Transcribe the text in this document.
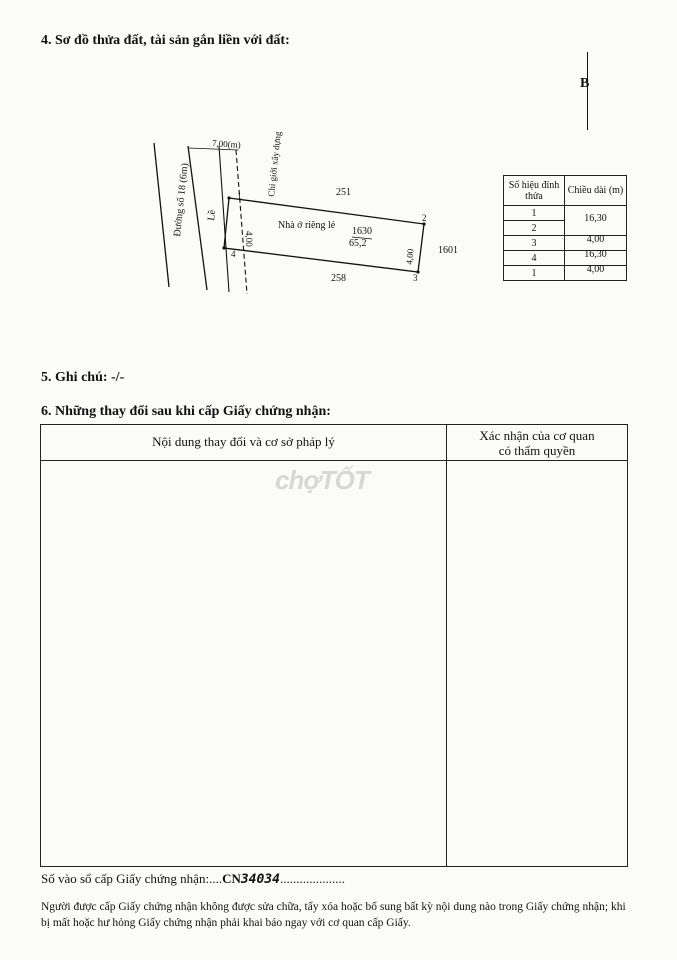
4. Sơ đồ thửa đất, tài sản gắn liền với đất:
B
7,00(m)
Đường số 18 (6m) Lề
Chỉ giới xây dựng
4,00
4,00
Nhà ở riêng lẻ
1630
65,2
251
258
1601
1
2
3
4
Số hiệu đỉnh thửa	Chiều dài (m)
1	16,30
2	
3	4,00
4	16,30
1	4,00
5. Ghi chú: -/-
6. Những thay đổi sau khi cấp Giấy chứng nhận:
Nội dung thay đổi và cơ sở pháp lý	Xác nhận của cơ quan
có thẩm quyền
chợTỐT
Số vào sổ cấp Giấy chứng nhận:....CN34034....................
Người được cấp Giấy chứng nhận không được sửa chữa, tẩy xóa hoặc bổ sung bất kỳ nội dung nào trong Giấy chứng nhận; khi bị mất hoặc hư hỏng Giấy chứng nhận phải khai báo ngay với cơ quan cấp Giấy.
